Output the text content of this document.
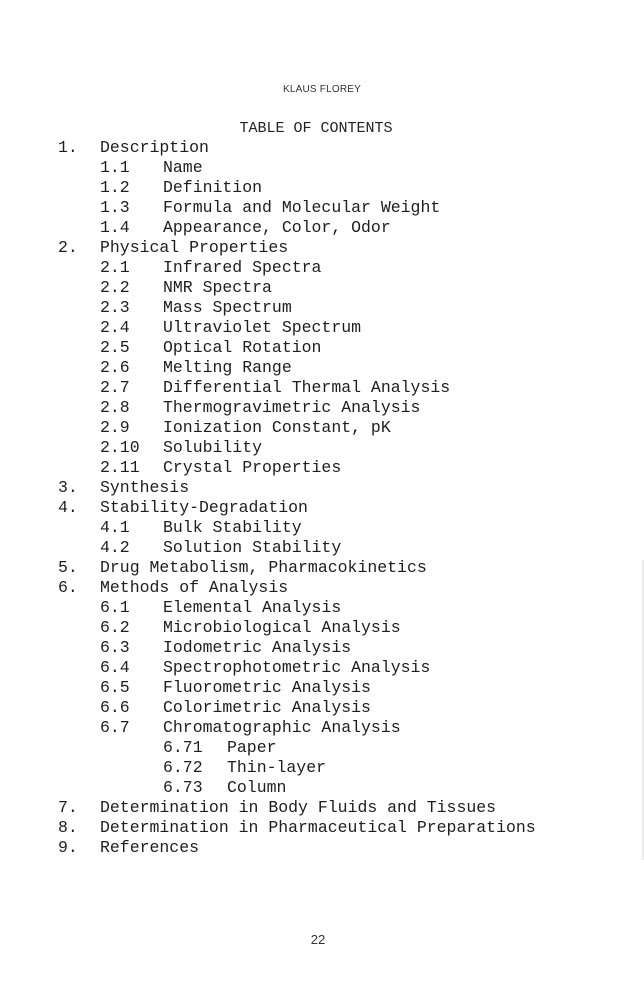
KLAUS FLOREY
TABLE OF CONTENTS
1. Description
1.1 Name
1.2 Definition
1.3 Formula and Molecular Weight
1.4 Appearance, Color, Odor
2. Physical Properties
2.1 Infrared Spectra
2.2 NMR Spectra
2.3 Mass Spectrum
2.4 Ultraviolet Spectrum
2.5 Optical Rotation
2.6 Melting Range
2.7 Differential Thermal Analysis
2.8 Thermogravimetric Analysis
2.9 Ionization Constant, pK
2.10 Solubility
2.11 Crystal Properties
3. Synthesis
4. Stability-Degradation
4.1 Bulk Stability
4.2 Solution Stability
5. Drug Metabolism, Pharmacokinetics
6. Methods of Analysis
6.1 Elemental Analysis
6.2 Microbiological Analysis
6.3 Iodometric Analysis
6.4 Spectrophotometric Analysis
6.5 Fluorometric Analysis
6.6 Colorimetric Analysis
6.7 Chromatographic Analysis
6.71 Paper
6.72 Thin-layer
6.73 Column
7. Determination in Body Fluids and Tissues
8. Determination in Pharmaceutical Preparations
9. References
22
